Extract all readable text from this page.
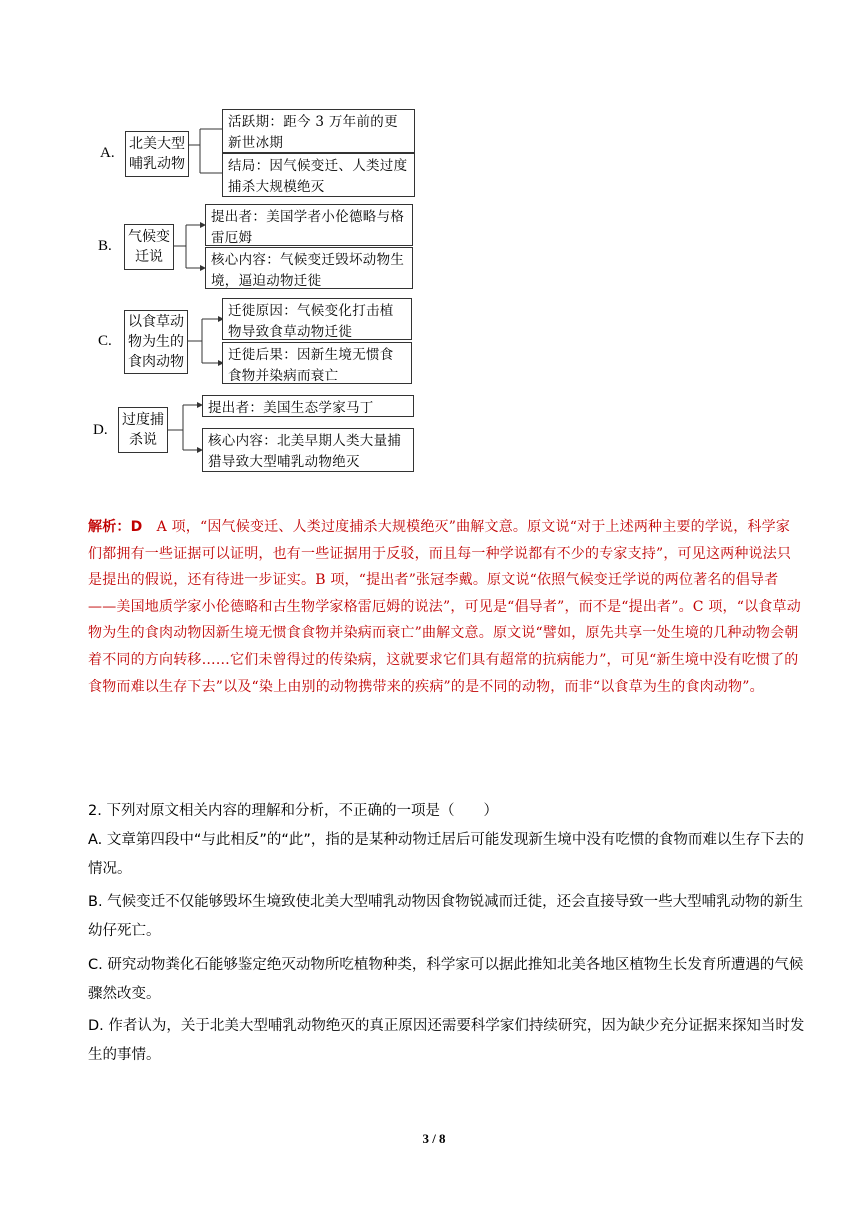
A.
北美大型哺乳动物
活跃期：距今 3 万年前的更新世冰期
结局：因气候变迁、人类过度捕杀大规模绝灭
B.
气候变迁说
提出者：美国学者小伦德略与格雷厄姆
核心内容：气候变迁毁坏动物生境，逼迫动物迁徙
C.
以食草动物为生的食肉动物
迁徙原因：气候变化打击植物导致食草动物迁徙
迁徙后果：因新生境无惯食食物并染病而衰亡
D.
过度捕杀说
提出者：美国生态学家马丁
核心内容：北美早期人类大量捕猎导致大型哺乳动物绝灭
解析：D　A 项，“因气候变迁、人类过度捕杀大规模绝灭”曲解文意。原文说“对于上述两种主要的学说，科学家们都拥有一些证据可以证明，也有一些证据用于反驳，而且每一种学说都有不少的专家支持”，可见这两种说法只是提出的假说，还有待进一步证实。B 项，“提出者”张冠李戴。原文说“依照气候变迁学说的两位著名的倡导者——美国地质学家小伦德略和古生物学家格雷厄姆的说法”，可见是“倡导者”，而不是“提出者”。C 项，“以食草动物为生的食肉动物因新生境无惯食食物并染病而衰亡”曲解文意。原文说“譬如，原先共享一处生境的几种动物会朝着不同的方向转移……它们未曾得过的传染病，这就要求它们具有超常的抗病能力”，可见“新生境中没有吃惯了的食物而难以生存下去”以及“染上由别的动物携带来的疾病”的是不同的动物，而非“以食草为生的食肉动物”。
2. 下列对原文相关内容的理解和分析，不正确的一项是（　　）
A. 文章第四段中“与此相反”的“此”，指的是某种动物迁居后可能发现新生境中没有吃惯的食物而难以生存下去的情况。
B. 气候变迁不仅能够毁坏生境致使北美大型哺乳动物因食物锐减而迁徙，还会直接导致一些大型哺乳动物的新生幼仔死亡。
C. 研究动物粪化石能够鉴定绝灭动物所吃植物种类，科学家可以据此推知北美各地区植物生长发育所遭遇的气候骤然改变。
D. 作者认为，关于北美大型哺乳动物绝灭的真正原因还需要科学家们持续研究，因为缺少充分证据来探知当时发生的事情。
3 / 8
